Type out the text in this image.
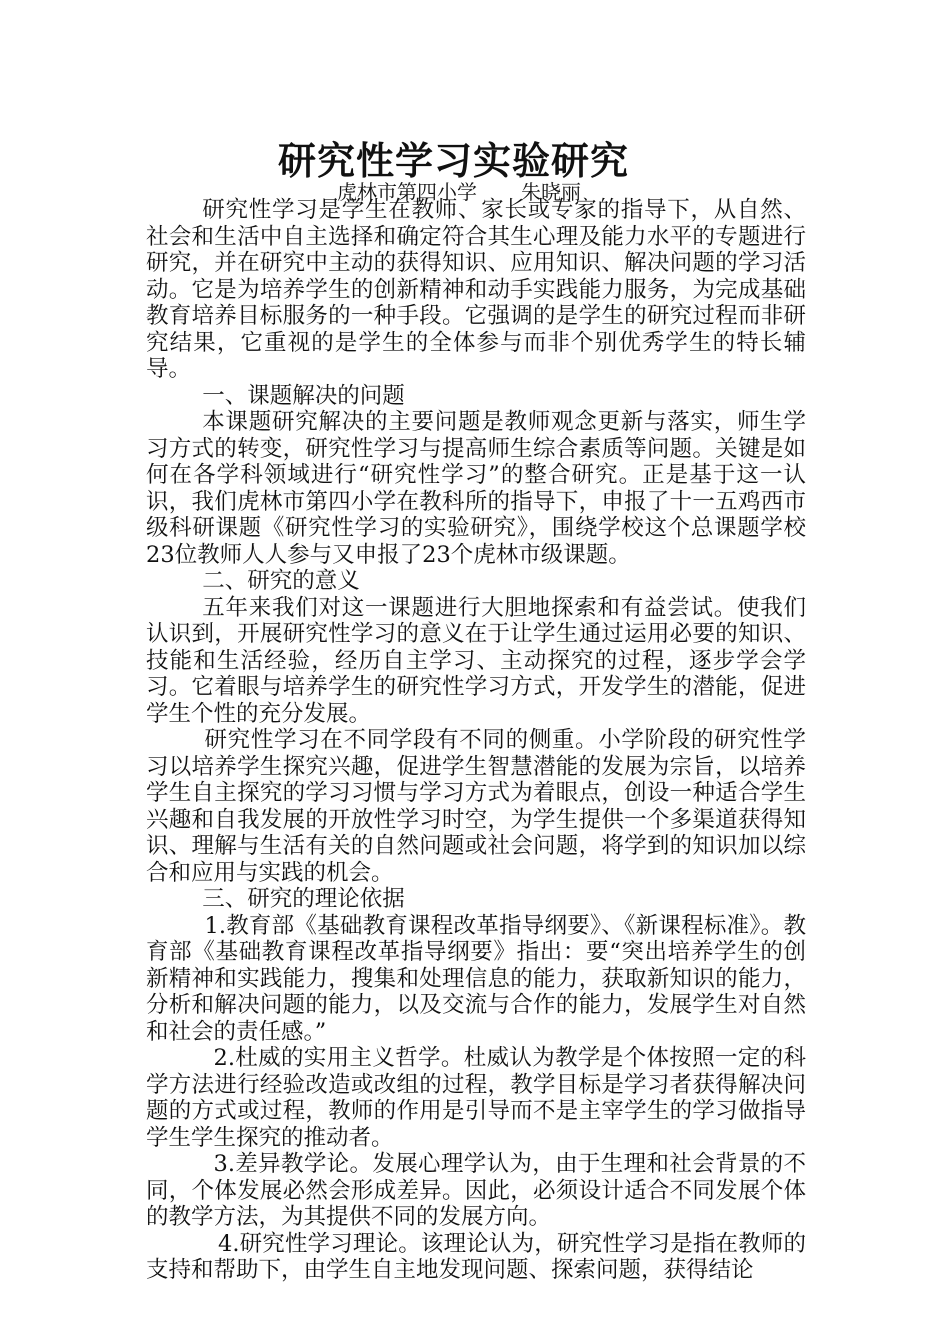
研究性学习实验研究
虎林市第四小学 朱晓丽

研究性学习是学生在教师、家长或专家的指导下，从自然、社会和生活中自主选择和确定符合其生心理及能力水平的专题进行研究，并在研究中主动的获得知识、应用知识、解决问题的学习活动。它是为培养学生的创新精神和动手实践能力服务，为完成基础教育培养目标服务的一种手段。它强调的是学生的研究过程而非研究结果，它重视的是学生的全体参与而非个别优秀学生的特长辅导。

一、课题解决的问题

本课题研究解决的主要问题是教师观念更新与落实，师生学习方式的转变，研究性学习与提高师生综合素质等问题。关键是如何在各学科领域进行“研究性学习”的整合研究。正是基于这一认识，我们虎林市第四小学在教科所的指导下，申报了十一五鸡西市级科研课题《研究性学习的实验研究》，围绕学校这个总课题学校23位教师人人参与又申报了23个虎林市级课题。

二、研究的意义

五年来我们对这一课题进行大胆地探索和有益尝试。使我们认识到，开展研究性学习的意义在于让学生通过运用必要的知识、技能和生活经验，经历自主学习、主动探究的过程，逐步学会学习。它着眼与培养学生的研究性学习方式，开发学生的潜能，促进学生个性的充分发展。

研究性学习在不同学段有不同的侧重。小学阶段的研究性学习以培养学生探究兴趣，促进学生智慧潜能的发展为宗旨，以培养学生自主探究的学习习惯与学习方式为着眼点，创设一种适合学生兴趣和自我发展的开放性学习时空，为学生提供一个多渠道获得知识、理解与生活有关的自然问题或社会问题，将学到的知识加以综合和应用与实践的机会。

三、研究的理论依据

1.教育部《基础教育课程改革指导纲要》、《新课程标准》。教育部《基础教育课程改革指导纲要》指出：要“突出培养学生的创新精神和实践能力，搜集和处理信息的能力，获取新知识的能力，分析和解决问题的能力，以及交流与合作的能力，发展学生对自然和社会的责任感。”

2.杜威的实用主义哲学。杜威认为教学是个体按照一定的科学方法进行经验改造或改组的过程，教学目标是学习者获得解决问题的方式或过程，教师的作用是引导而不是主宰学生的学习做指导学生学生探究的推动者。

3.差异教学论。发展心理学认为，由于生理和社会背景的不同，个体发展必然会形成差异。因此，必须设计适合不同发展个体的教学方法，为其提供不同的发展方向。

4.研究性学习理论。该理论认为，研究性学习是指在教师的支持和帮助下，由学生自主地发现问题、探索问题，获得结论
